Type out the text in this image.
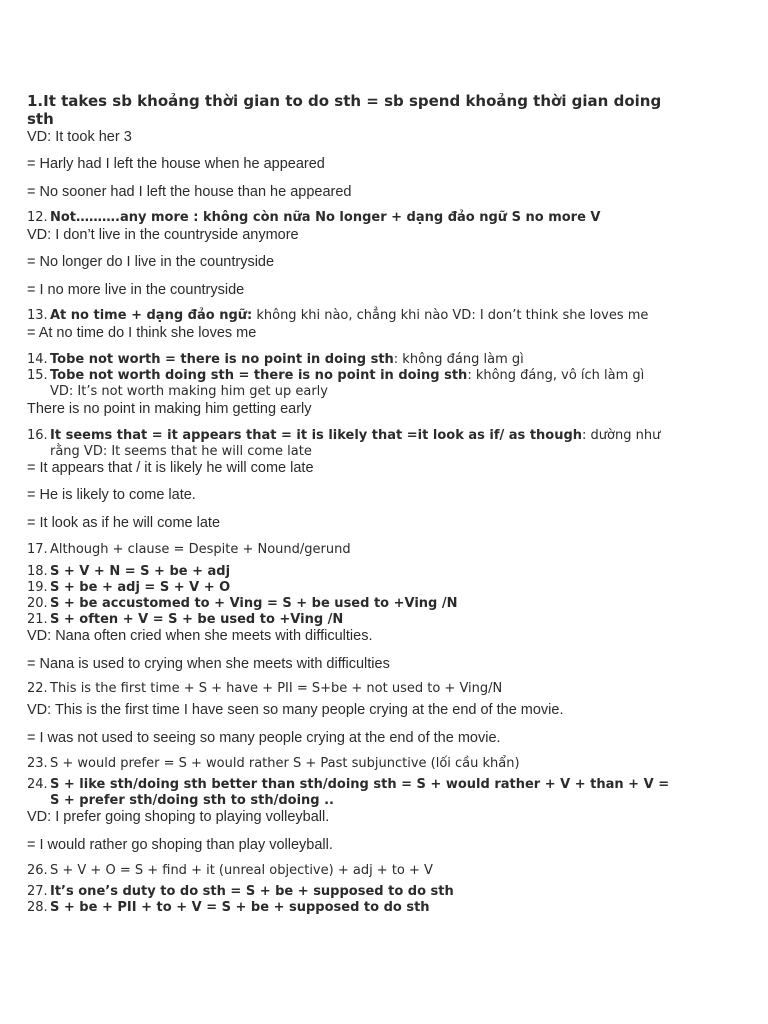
1.It takes sb khoảng thời gian to do sth = sb spend khoảng thời gian doing sth

VD: It took her 3

= Harly had I left the house when he appeared

= No sooner had I left the house than he appeared

12. Not……….any more : không còn nữa No longer + dạng đảo ngữ S no more V

VD: I don’t live in the countryside anymore

= No longer do I live in the countryside

= I no more live in the countryside

13. At no time + dạng đảo ngữ: không khi nào, chẳng khi nào VD: I don’t think she loves me

= At no time do I think she loves me

14. Tobe not worth = there is no point in doing sth: không đáng làm gì
15. Tobe not worth doing sth = there is no point in doing sth: không đáng, vô ích làm gì
VD: It’s not worth making him get up early

There is no point in making him getting early

16. It seems that = it appears that = it is likely that =it look as if/ as though: dường như rằng VD: It seems that he will come late

= It appears that / it is likely he will come late

= He is likely to come late.

= It look as if he will come late

17. Although + clause = Despite + Nound/gerund
18. S + V + N = S + be + adj
19. S + be + adj = S + V + O
20. S + be accustomed to + Ving = S + be used to +Ving /N
21. S + often + V = S + be used to +Ving /N

VD: Nana often cried when she meets with difficulties.

= Nana is used to crying when she meets with difficulties

22. This is the first time + S + have + PII = S+be + not used to + Ving/N

VD: This is the first time I have seen so many people crying at the end of the movie.

= I was not used to seeing so many people crying at the end of the movie.

23. S + would prefer = S + would rather S + Past subjunctive (lối cầu khẩn)
24. S + like sth/doing sth better than sth/doing sth = S + would rather + V + than + V = S + prefer sth/doing sth to sth/doing ..

VD: I prefer going shoping to playing volleyball.

= I would rather go shoping than play volleyball.

26. S + V + O = S + find + it (unreal objective) + adj + to + V
27. It’s one’s duty to do sth = S + be + supposed to do sth
28. S + be + PII + to + V = S + be + supposed to do sth
